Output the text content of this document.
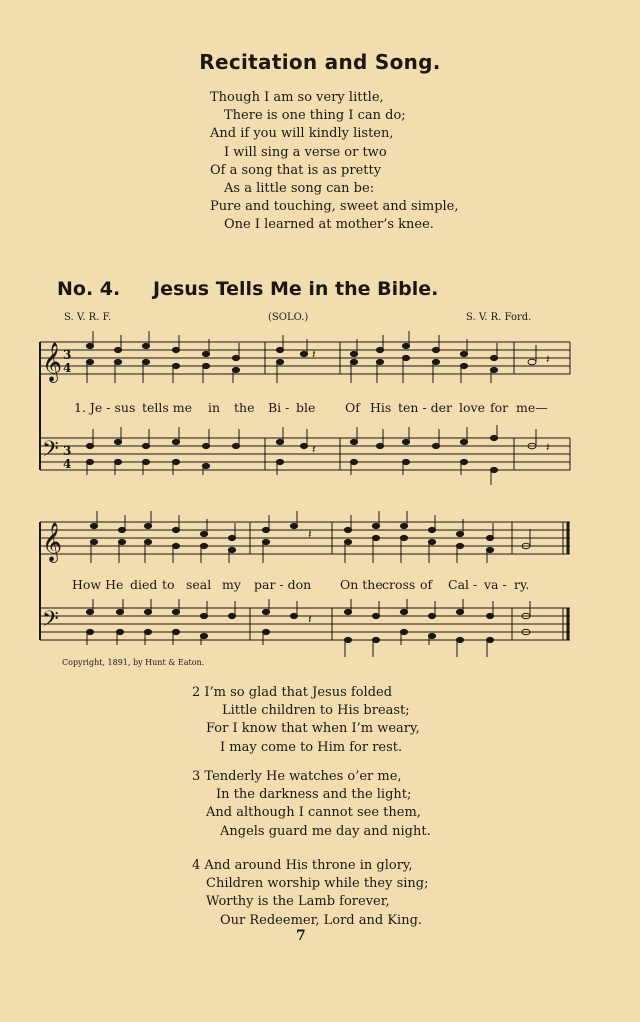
Recitation and Song.
Though I am so very little,
There is one thing I can do;
And if you will kindly listen,
I will sing a verse or two
Of a song that is as pretty
As a little song can be:
Pure and touching, sweet and simple,
One I learned at mother’s knee.
No. 4. Jesus Tells Me in the Bible.
S. V. R. F.	(SOLO.)	S. V. R. Ford.
𝄞
𝄢
3
4
3
4
𝄽	𝄽
𝄽	𝄽
1. Je - sus tells me in the Bi - ble Of His ten - der love for me—
𝄞
𝄢
𝄽
𝄽
How He died to seal my par - don On the cross of Cal - va - ry.
Copyright, 1891, by Hunt & Eaton.
2 I’m so glad that Jesus folded
Little children to His breast;
For I know that when I’m weary,
I may come to Him for rest.
3 Tenderly He watches o’er me,
In the darkness and the light;
And although I cannot see them,
Angels guard me day and night.
4 And around His throne in glory,
Children worship while they sing;
Worthy is the Lamb forever,
Our Redeemer, Lord and King.
7
